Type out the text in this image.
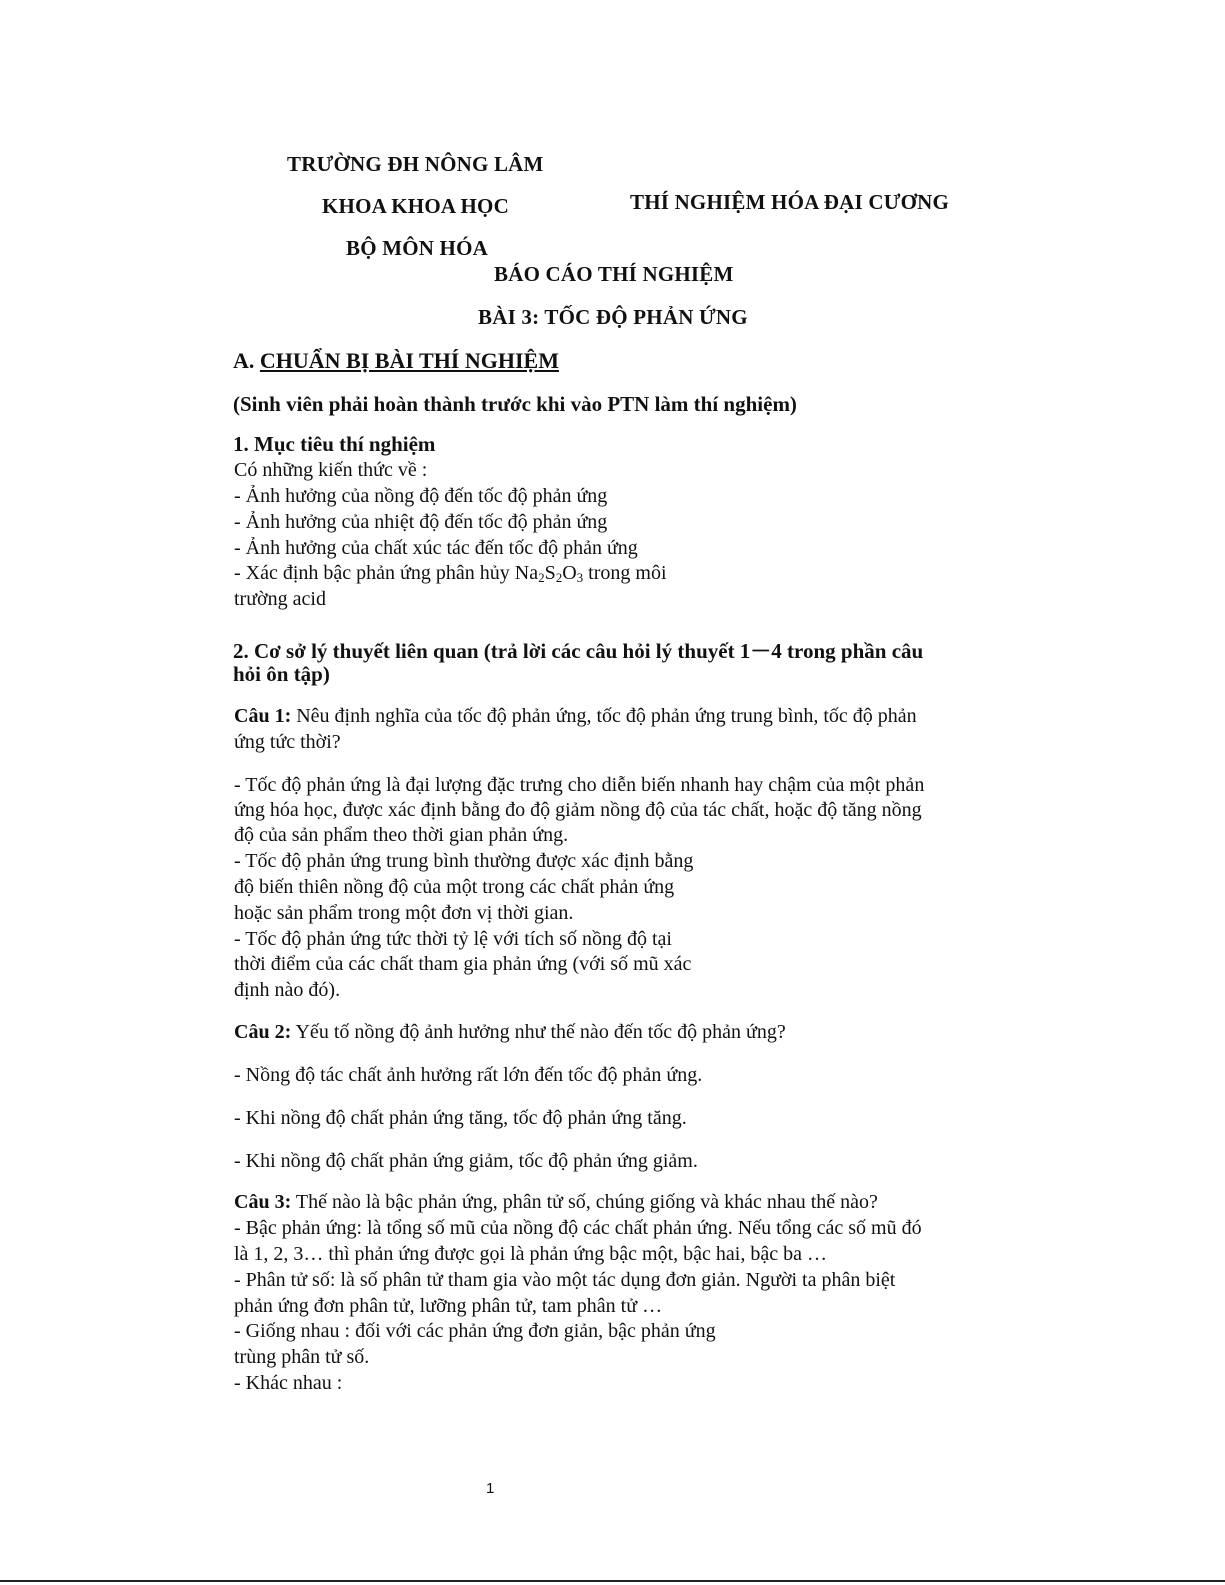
TRƯỜNG ĐH NÔNG LÂM
KHOA KHOA HỌC	THÍ NGHIỆM HÓA ĐẠI CƯƠNG
BỘ MÔN HÓA
BÁO CÁO THÍ NGHIỆM
BÀI 3: TỐC ĐỘ PHẢN ỨNG
A. CHUẨN BỊ BÀI THÍ NGHIỆM
(Sinh viên phải hoàn thành trước khi vào PTN làm thí nghiệm)
1. Mục tiêu thí nghiệm
Có những kiến thức về :
- Ảnh hưởng của nồng độ đến tốc độ phản ứng
- Ảnh hưởng của nhiệt độ đến tốc độ phản ứng
- Ảnh hưởng của chất xúc tác đến tốc độ phản ứng
- Xác định bậc phản ứng phân hủy $Na_2S_2O_3$ trong môi
trường acid
2. Cơ sở lý thuyết liên quan (trả lời các câu hỏi lý thuyết 1－4 trong phần câu
hỏi ôn tập)
Câu 1: Nêu định nghĩa của tốc độ phản ứng, tốc độ phản ứng trung bình, tốc độ phản
ứng tức thời?
- Tốc độ phản ứng là đại lượng đặc trưng cho diễn biến nhanh hay chậm của một phản
ứng hóa học, được xác định bằng đo độ giảm nồng độ của tác chất, hoặc độ tăng nồng
độ của sản phẩm theo thời gian phản ứng.
- Tốc độ phản ứng trung bình thường được xác định bằng
độ biến thiên nồng độ của một trong các chất phản ứng
hoặc sản phẩm trong một đơn vị thời gian.
- Tốc độ phản ứng tức thời tỷ lệ với tích số nồng độ tại
thời điểm của các chất tham gia phản ứng (với số mũ xác
định nào đó).
Câu 2: Yếu tố nồng độ ảnh hưởng như thế nào đến tốc độ phản ứng?
- Nồng độ tác chất ảnh hưởng rất lớn đến tốc độ phản ứng.
- Khi nồng độ chất phản ứng tăng, tốc độ phản ứng tăng.
- Khi nồng độ chất phản ứng giảm, tốc độ phản ứng giảm.
Câu 3: Thế nào là bậc phản ứng, phân tử số, chúng giống và khác nhau thế nào?
- Bậc phản ứng: là tổng số mũ của nồng độ các chất phản ứng. Nếu tổng các số mũ đó
là 1, 2, 3… thì phản ứng được gọi là phản ứng bậc một, bậc hai, bậc ba …
- Phân tử số: là số phân tử tham gia vào một tác dụng đơn giản. Người ta phân biệt
phản ứng đơn phân tử, lưỡng phân tử, tam phân tử …
- Giống nhau : đối với các phản ứng đơn giản, bậc phản ứng
trùng phân tử số.
- Khác nhau :
1
